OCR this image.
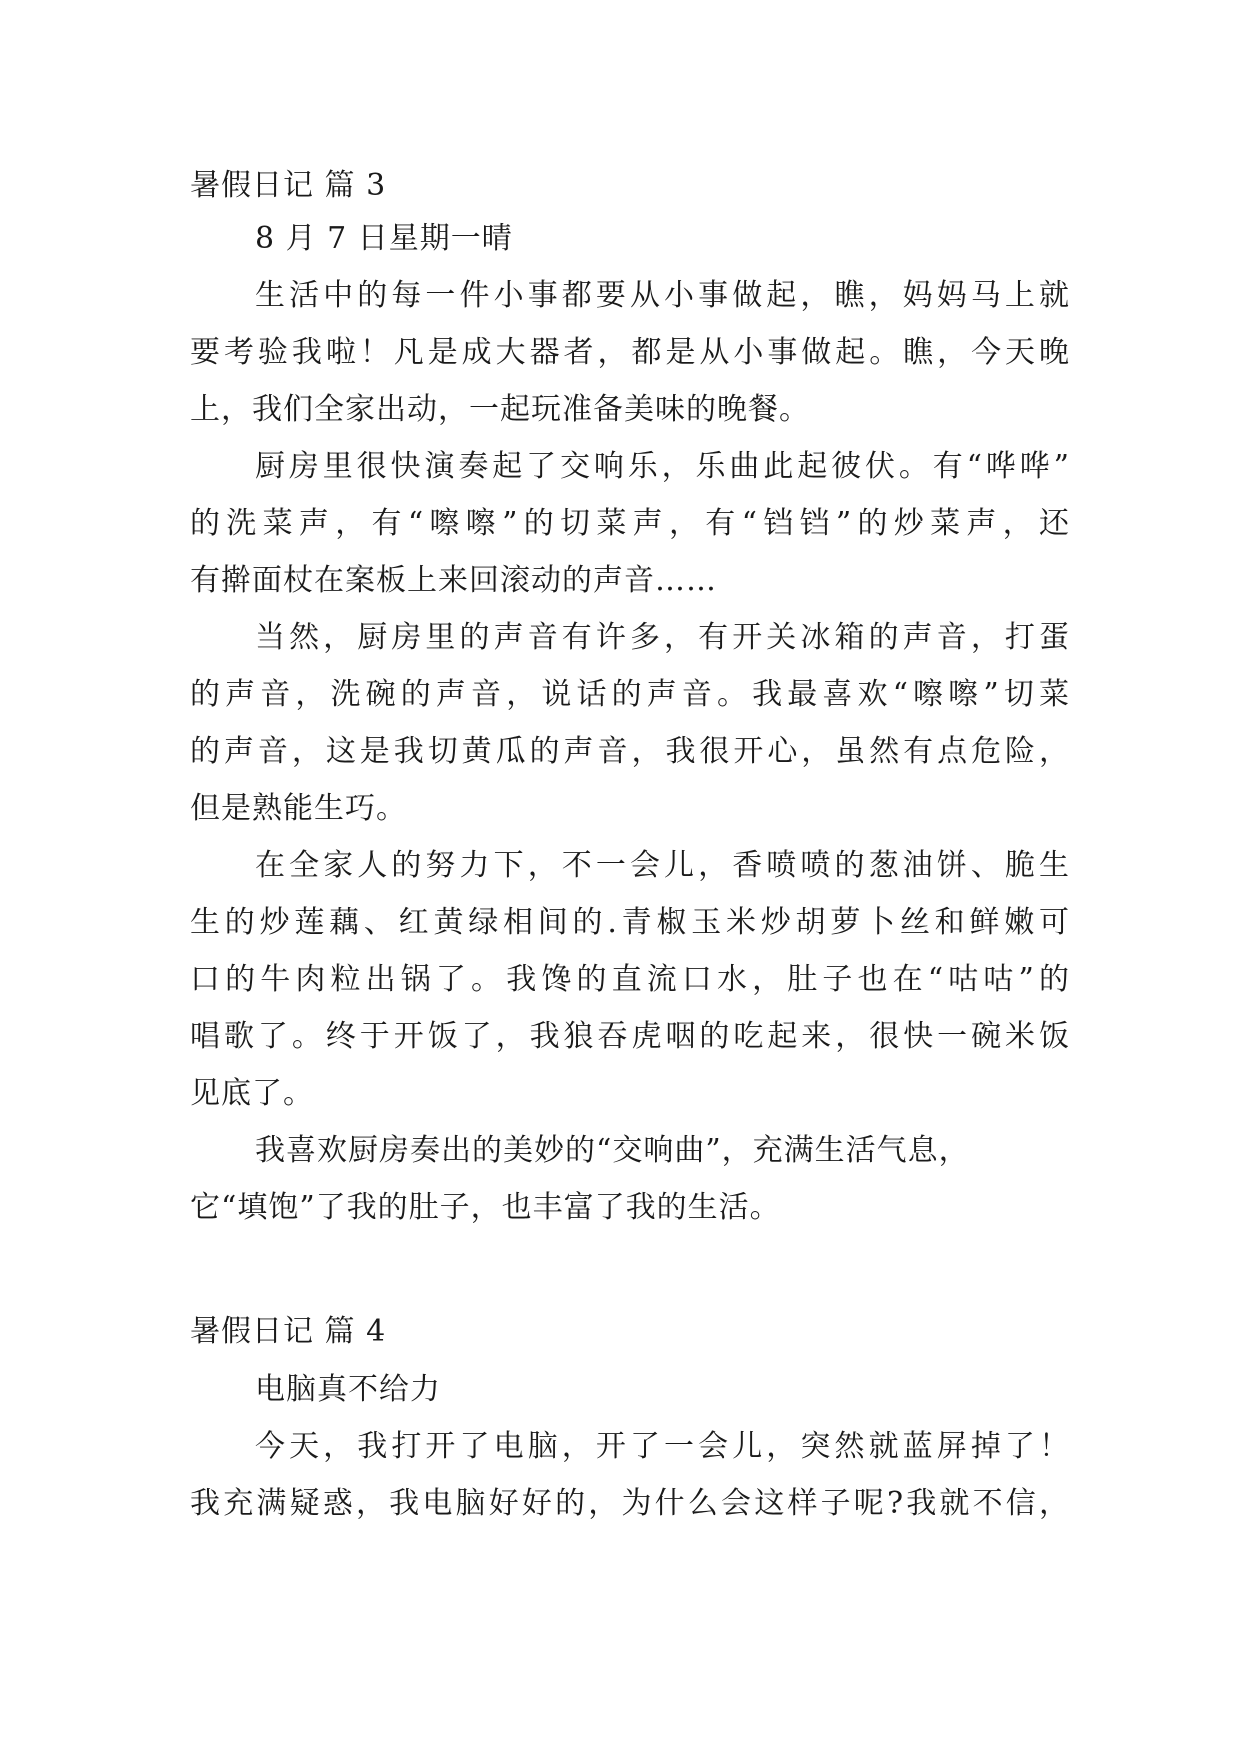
暑假日记 篇 3
8 月 7 日星期一晴
生活中的每一件小事都要从小事做起，瞧，妈妈马上就
要考验我啦！凡是成大器者，都是从小事做起。瞧，今天晚
上，我们全家出动，一起玩准备美味的晚餐。
厨房里很快演奏起了交响乐，乐曲此起彼伏。有“哗哗”
的洗菜声，有“嚓嚓”的切菜声，有“铛铛”的炒菜声，还
有擀面杖在案板上来回滚动的声音……
当然，厨房里的声音有许多，有开关冰箱的声音，打蛋
的声音，洗碗的声音，说话的声音。我最喜欢“嚓嚓”切菜
的声音，这是我切黄瓜的声音，我很开心，虽然有点危险，
但是熟能生巧。
在全家人的努力下，不一会儿，香喷喷的葱油饼、脆生
生的炒莲藕、红黄绿相间的.青椒玉米炒胡萝卜丝和鲜嫩可
口的牛肉粒出锅了。我馋的直流口水，肚子也在“咕咕”的
唱歌了。终于开饭了，我狼吞虎咽的吃起来，很快一碗米饭
见底了。
我喜欢厨房奏出的美妙的“交响曲”，充满生活气息，
它“填饱”了我的肚子，也丰富了我的生活。
暑假日记 篇 4
电脑真不给力
今天，我打开了电脑，开了一会儿，突然就蓝屏掉了！
我充满疑惑，我电脑好好的，为什么会这样子呢?我就不信，
